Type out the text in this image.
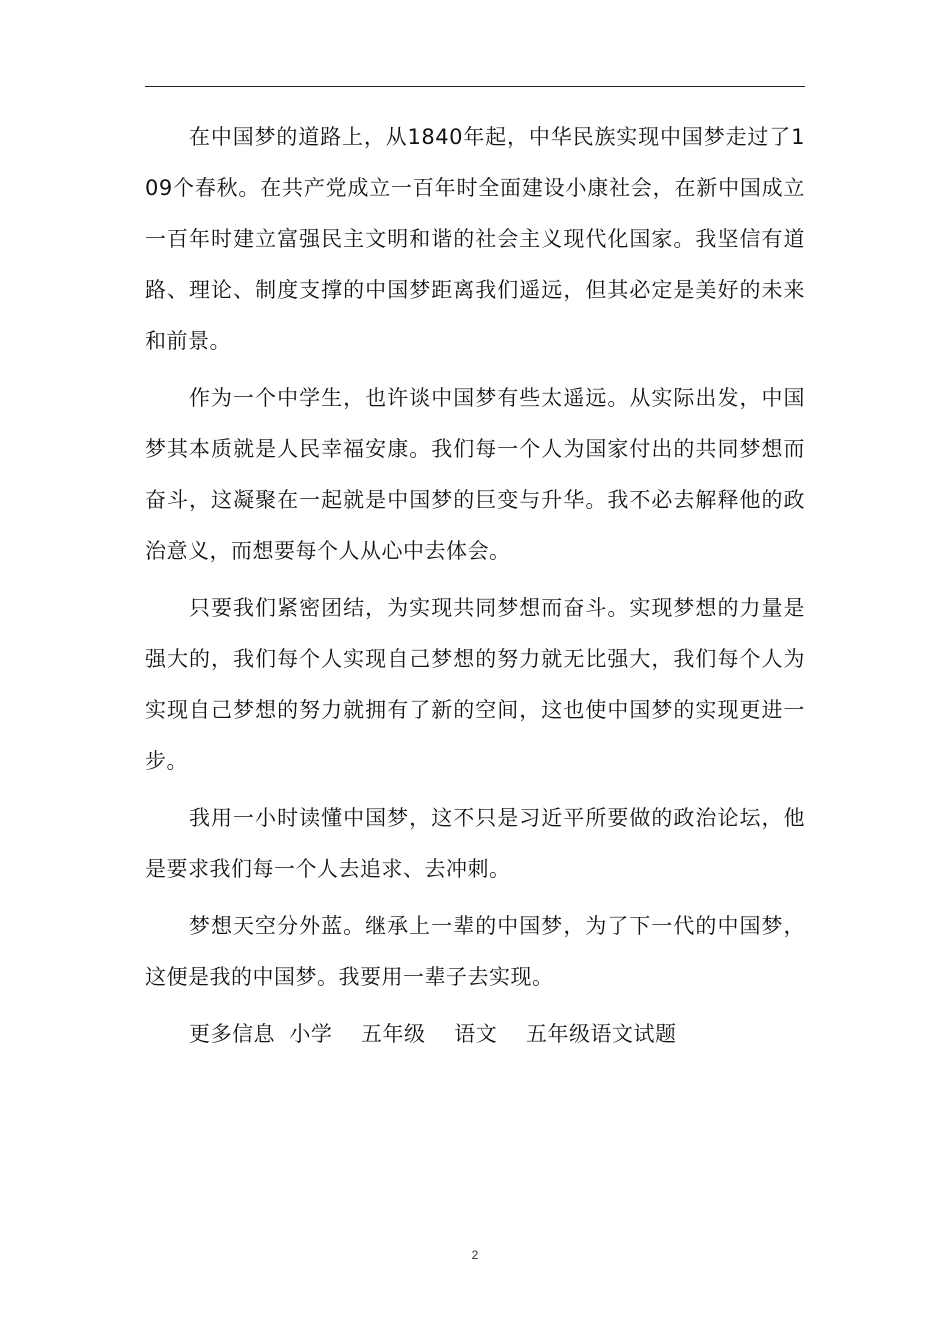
在中国梦的道路上，从1840年起，中华民族实现中国梦走过了109个春秋。在共产党成立一百年时全面建设小康社会，在新中国成立一百年时建立富强民主文明和谐的社会主义现代化国家。我坚信有道路、理论、制度支撑的中国梦距离我们遥远，但其必定是美好的未来和前景。

作为一个中学生，也许谈中国梦有些太遥远。从实际出发，中国梦其本质就是人民幸福安康。我们每一个人为国家付出的共同梦想而奋斗，这凝聚在一起就是中国梦的巨变与升华。我不必去解释他的政治意义，而想要每个人从心中去体会。

只要我们紧密团结，为实现共同梦想而奋斗。实现梦想的力量是强大的，我们每个人实现自己梦想的努力就无比强大，我们每个人为实现自己梦想的努力就拥有了新的空间，这也使中国梦的实现更进一步。

我用一小时读懂中国梦，这不只是习近平所要做的政治论坛，他是要求我们每一个人去追求、去冲刺。

梦想天空分外蓝。继承上一辈的中国梦，为了下一代的中国梦，这便是我的中国梦。我要用一辈子去实现。

更多信息  小学    五年级    语文    五年级语文试题

2
